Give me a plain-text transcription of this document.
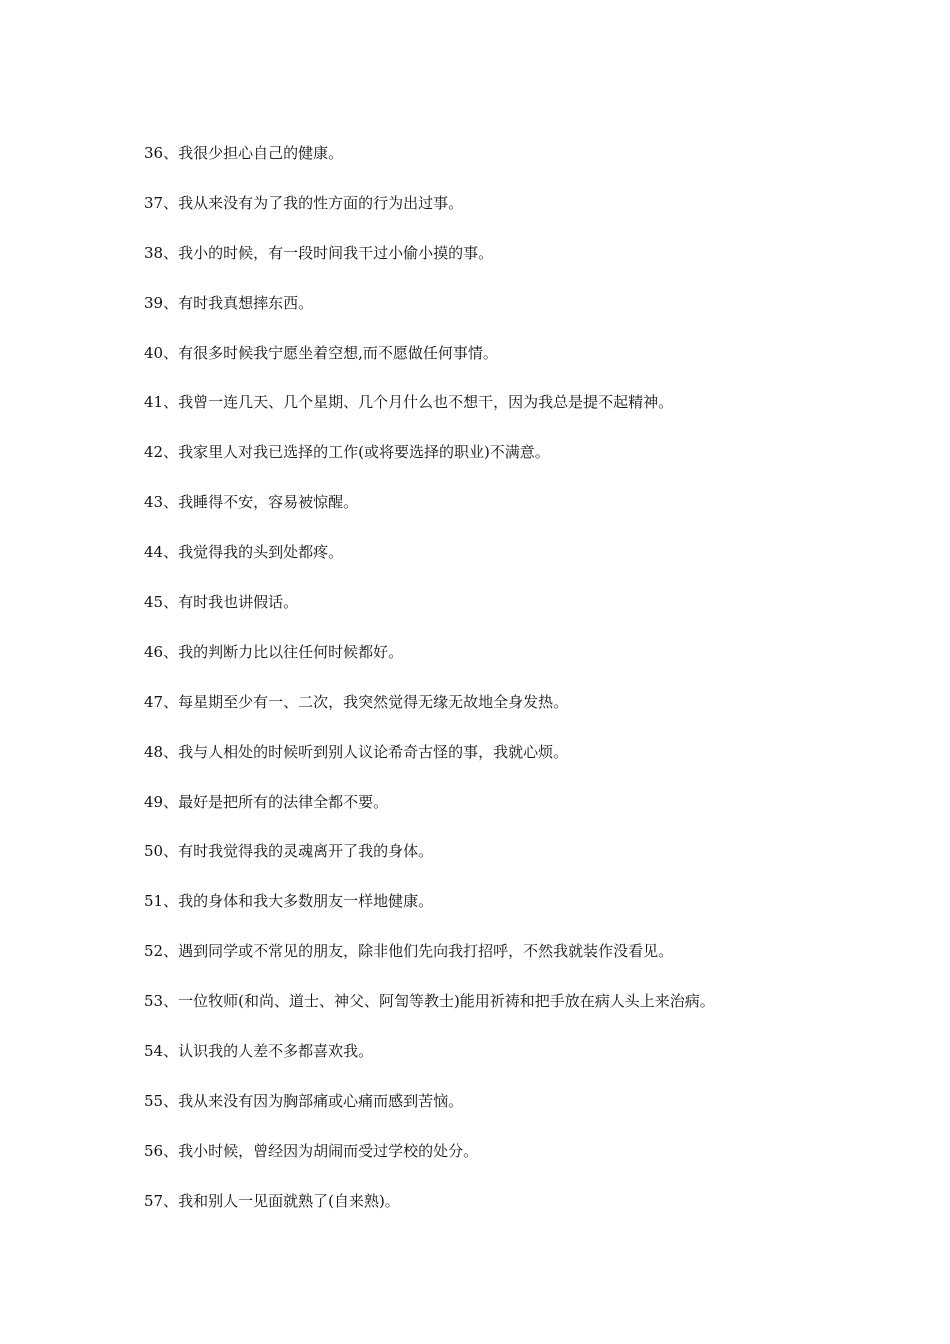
36、我很少担心自己的健康。
37、我从来没有为了我的性方面的行为出过事。
38、我小的时候，有一段时间我干过小偷小摸的事。
39、有时我真想摔东西。
40、有很多时候我宁愿坐着空想,而不愿做任何事情。
41、我曾一连几天、几个星期、几个月什么也不想干，因为我总是提不起精神。
42、我家里人对我已选择的工作(或将要选择的职业)不满意。
43、我睡得不安，容易被惊醒。
44、我觉得我的头到处都疼。
45、有时我也讲假话。
46、我的判断力比以往任何时候都好。
47、每星期至少有一、二次，我突然觉得无缘无故地全身发热。
48、我与人相处的时候听到别人议论希奇古怪的事，我就心烦。
49、最好是把所有的法律全都不要。
50、有时我觉得我的灵魂离开了我的身体。
51、我的身体和我大多数朋友一样地健康。
52、遇到同学或不常见的朋友，除非他们先向我打招呼，不然我就装作没看见。
53、一位牧师(和尚、道士、神父、阿訇等教士)能用祈祷和把手放在病人头上来治病。
54、认识我的人差不多都喜欢我。
55、我从来没有因为胸部痛或心痛而感到苦恼。
56、我小时候，曾经因为胡闹而受过学校的处分。
57、我和别人一见面就熟了(自来熟)。
